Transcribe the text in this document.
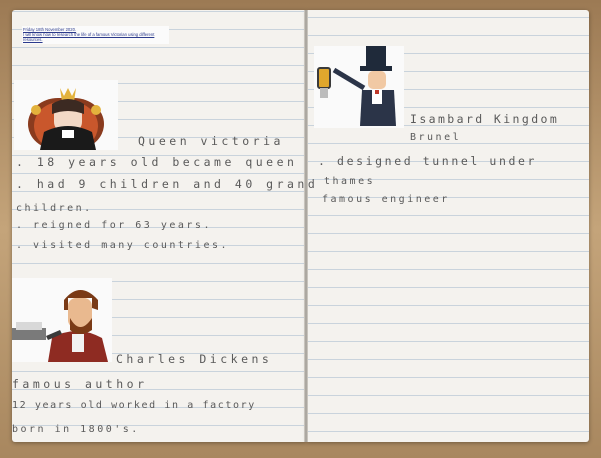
Friday 18th November 2020.
I will know how to research the life of a famous Victorian using different resources.
Queen victoria
. 18 years old became queen
. had 9 children and 40 grand
children.
. reigned for 63 years.
. visited many countries.
Charles Dickens
famous author
12 years old worked in a factory
born in 1800's.
Isambard Kingdom
Brunel
. designed tunnel under
thames
famous engineer
